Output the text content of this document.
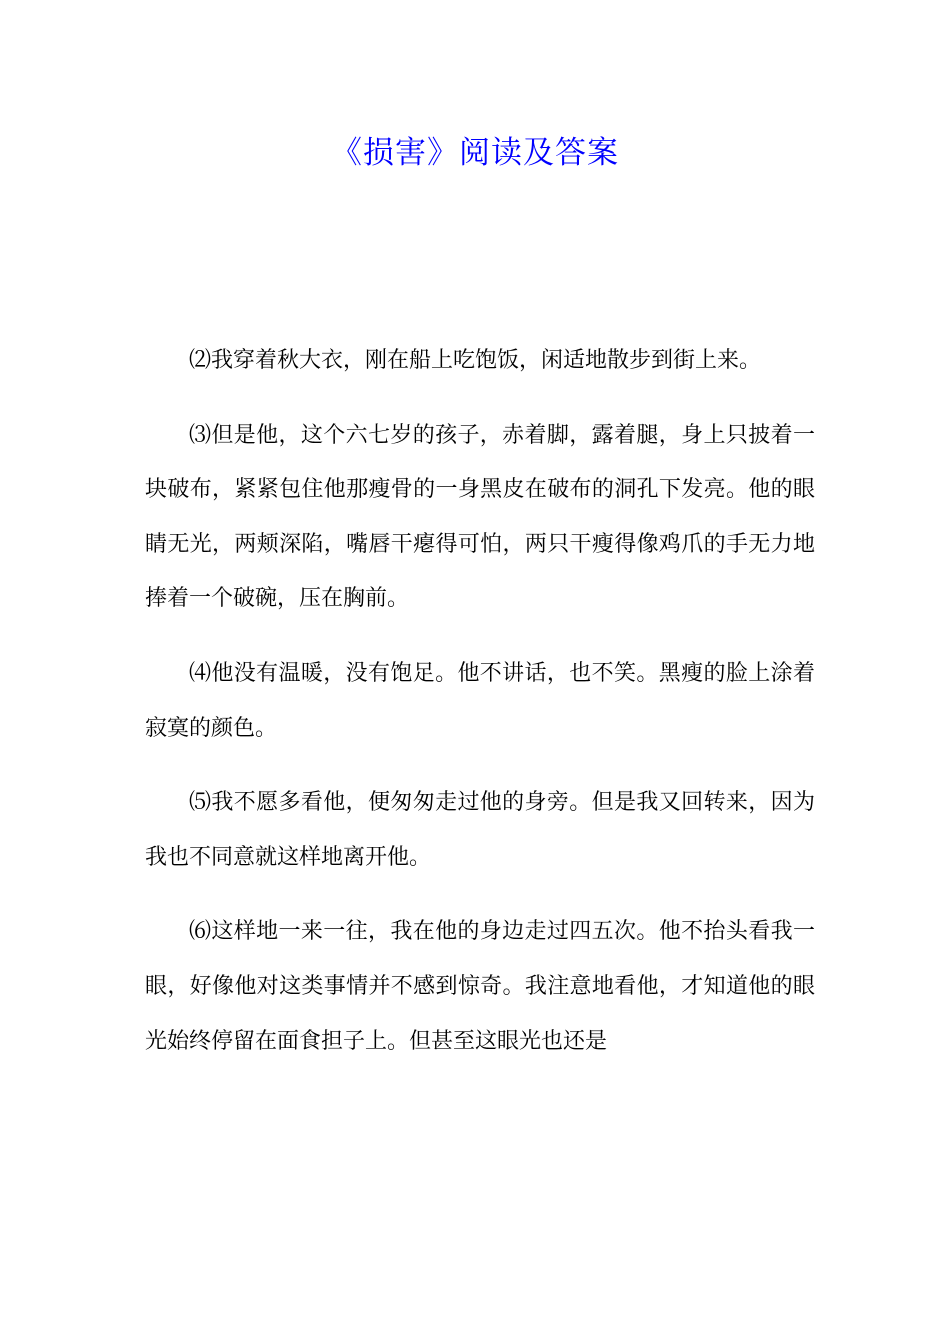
《损害》阅读及答案

⑵我穿着秋大衣，刚在船上吃饱饭，闲适地散步到街上来。

⑶但是他，这个六七岁的孩子，赤着脚，露着腿，身上只披着一块破布，紧紧包住他那瘦骨的一身黑皮在破布的洞孔下发亮。他的眼睛无光，两颊深陷，嘴唇干瘪得可怕，两只干瘦得像鸡爪的手无力地捧着一个破碗，压在胸前。

⑷他没有温暖，没有饱足。他不讲话，也不笑。黑瘦的脸上涂着寂寞的颜色。

⑸我不愿多看他，便匆匆走过他的身旁。但是我又回转来，因为我也不同意就这样地离开他。

⑹这样地一来一往，我在他的身边走过四五次。他不抬头看我一眼，好像他对这类事情并不感到惊奇。我注意地看他，才知道他的眼光始终停留在面食担子上。但甚至这眼光也还是
